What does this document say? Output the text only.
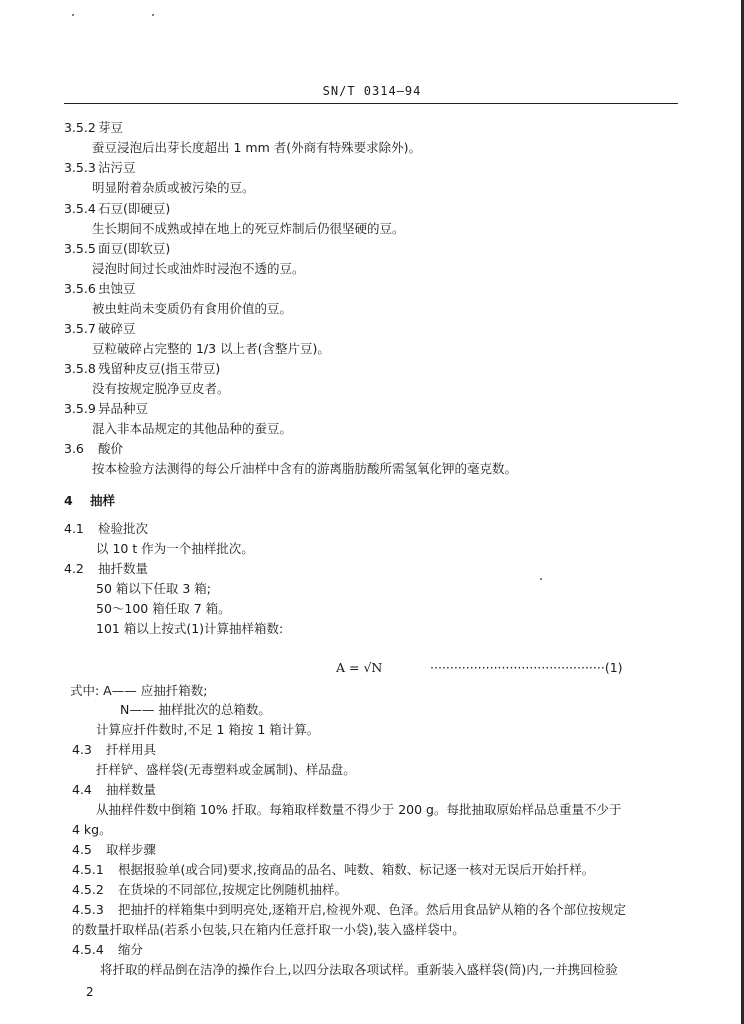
SN/T 0314—94
3.5.2 芽豆
蚕豆浸泡后出芽长度超出 1 mm 者(外商有特殊要求除外)。
3.5.3 沾污豆
明显附着杂质或被污染的豆。
3.5.4 石豆(即硬豆)
生长期间不成熟或掉在地上的死豆炸制后仍很坚硬的豆。
3.5.5 面豆(即软豆)
浸泡时间过长或油炸时浸泡不透的豆。
3.5.6 虫蚀豆
被虫蛀尚未变质仍有食用价值的豆。
3.5.7 破碎豆
豆粒破碎占完整的 1/3 以上者(含整片豆)。
3.5.8 残留种皮豆(指玉带豆)
没有按规定脱净豆皮者。
3.5.9 异品种豆
混入非本品规定的其他品种的蚕豆。
3.6 酸价
按本检验方法测得的每公斤油样中含有的游离脂肪酸所需氢氧化钾的毫克数。
4 抽样
4.1 检验批次
以 10 t 作为一个抽样批次。
4.2 抽扦数量
50 箱以下任取 3 箱;
50～100 箱任取 7 箱。
101 箱以上按式(1)计算抽样箱数:
A = √N	············································(1)
式中: A—— 应抽扦箱数;
N—— 抽样批次的总箱数。
计算应扦件数时,不足 1 箱按 1 箱计算。
4.3 扦样用具
扦样铲、盛样袋(无毒塑料或金属制)、样品盘。
4.4 抽样数量
从抽样件数中倒箱 10% 扦取。每箱取样数量不得少于 200 g。每批抽取原始样品总重量不少于
4 kg。
4.5 取样步骤
4.5.1 根据报验单(或合同)要求,按商品的品名、吨数、箱数、标记逐一核对无误后开始扦样。
4.5.2 在货垛的不同部位,按规定比例随机抽样。
4.5.3 把抽扦的样箱集中到明亮处,逐箱开启,检视外观、色泽。然后用食品铲从箱的各个部位按规定
的数量扦取样品(若系小包装,只在箱内任意扦取一小袋),装入盛样袋中。
4.5.4 缩分
将扦取的样品倒在洁净的操作台上,以四分法取各项试样。重新装入盛样袋(筒)内,一并携回检验
2
